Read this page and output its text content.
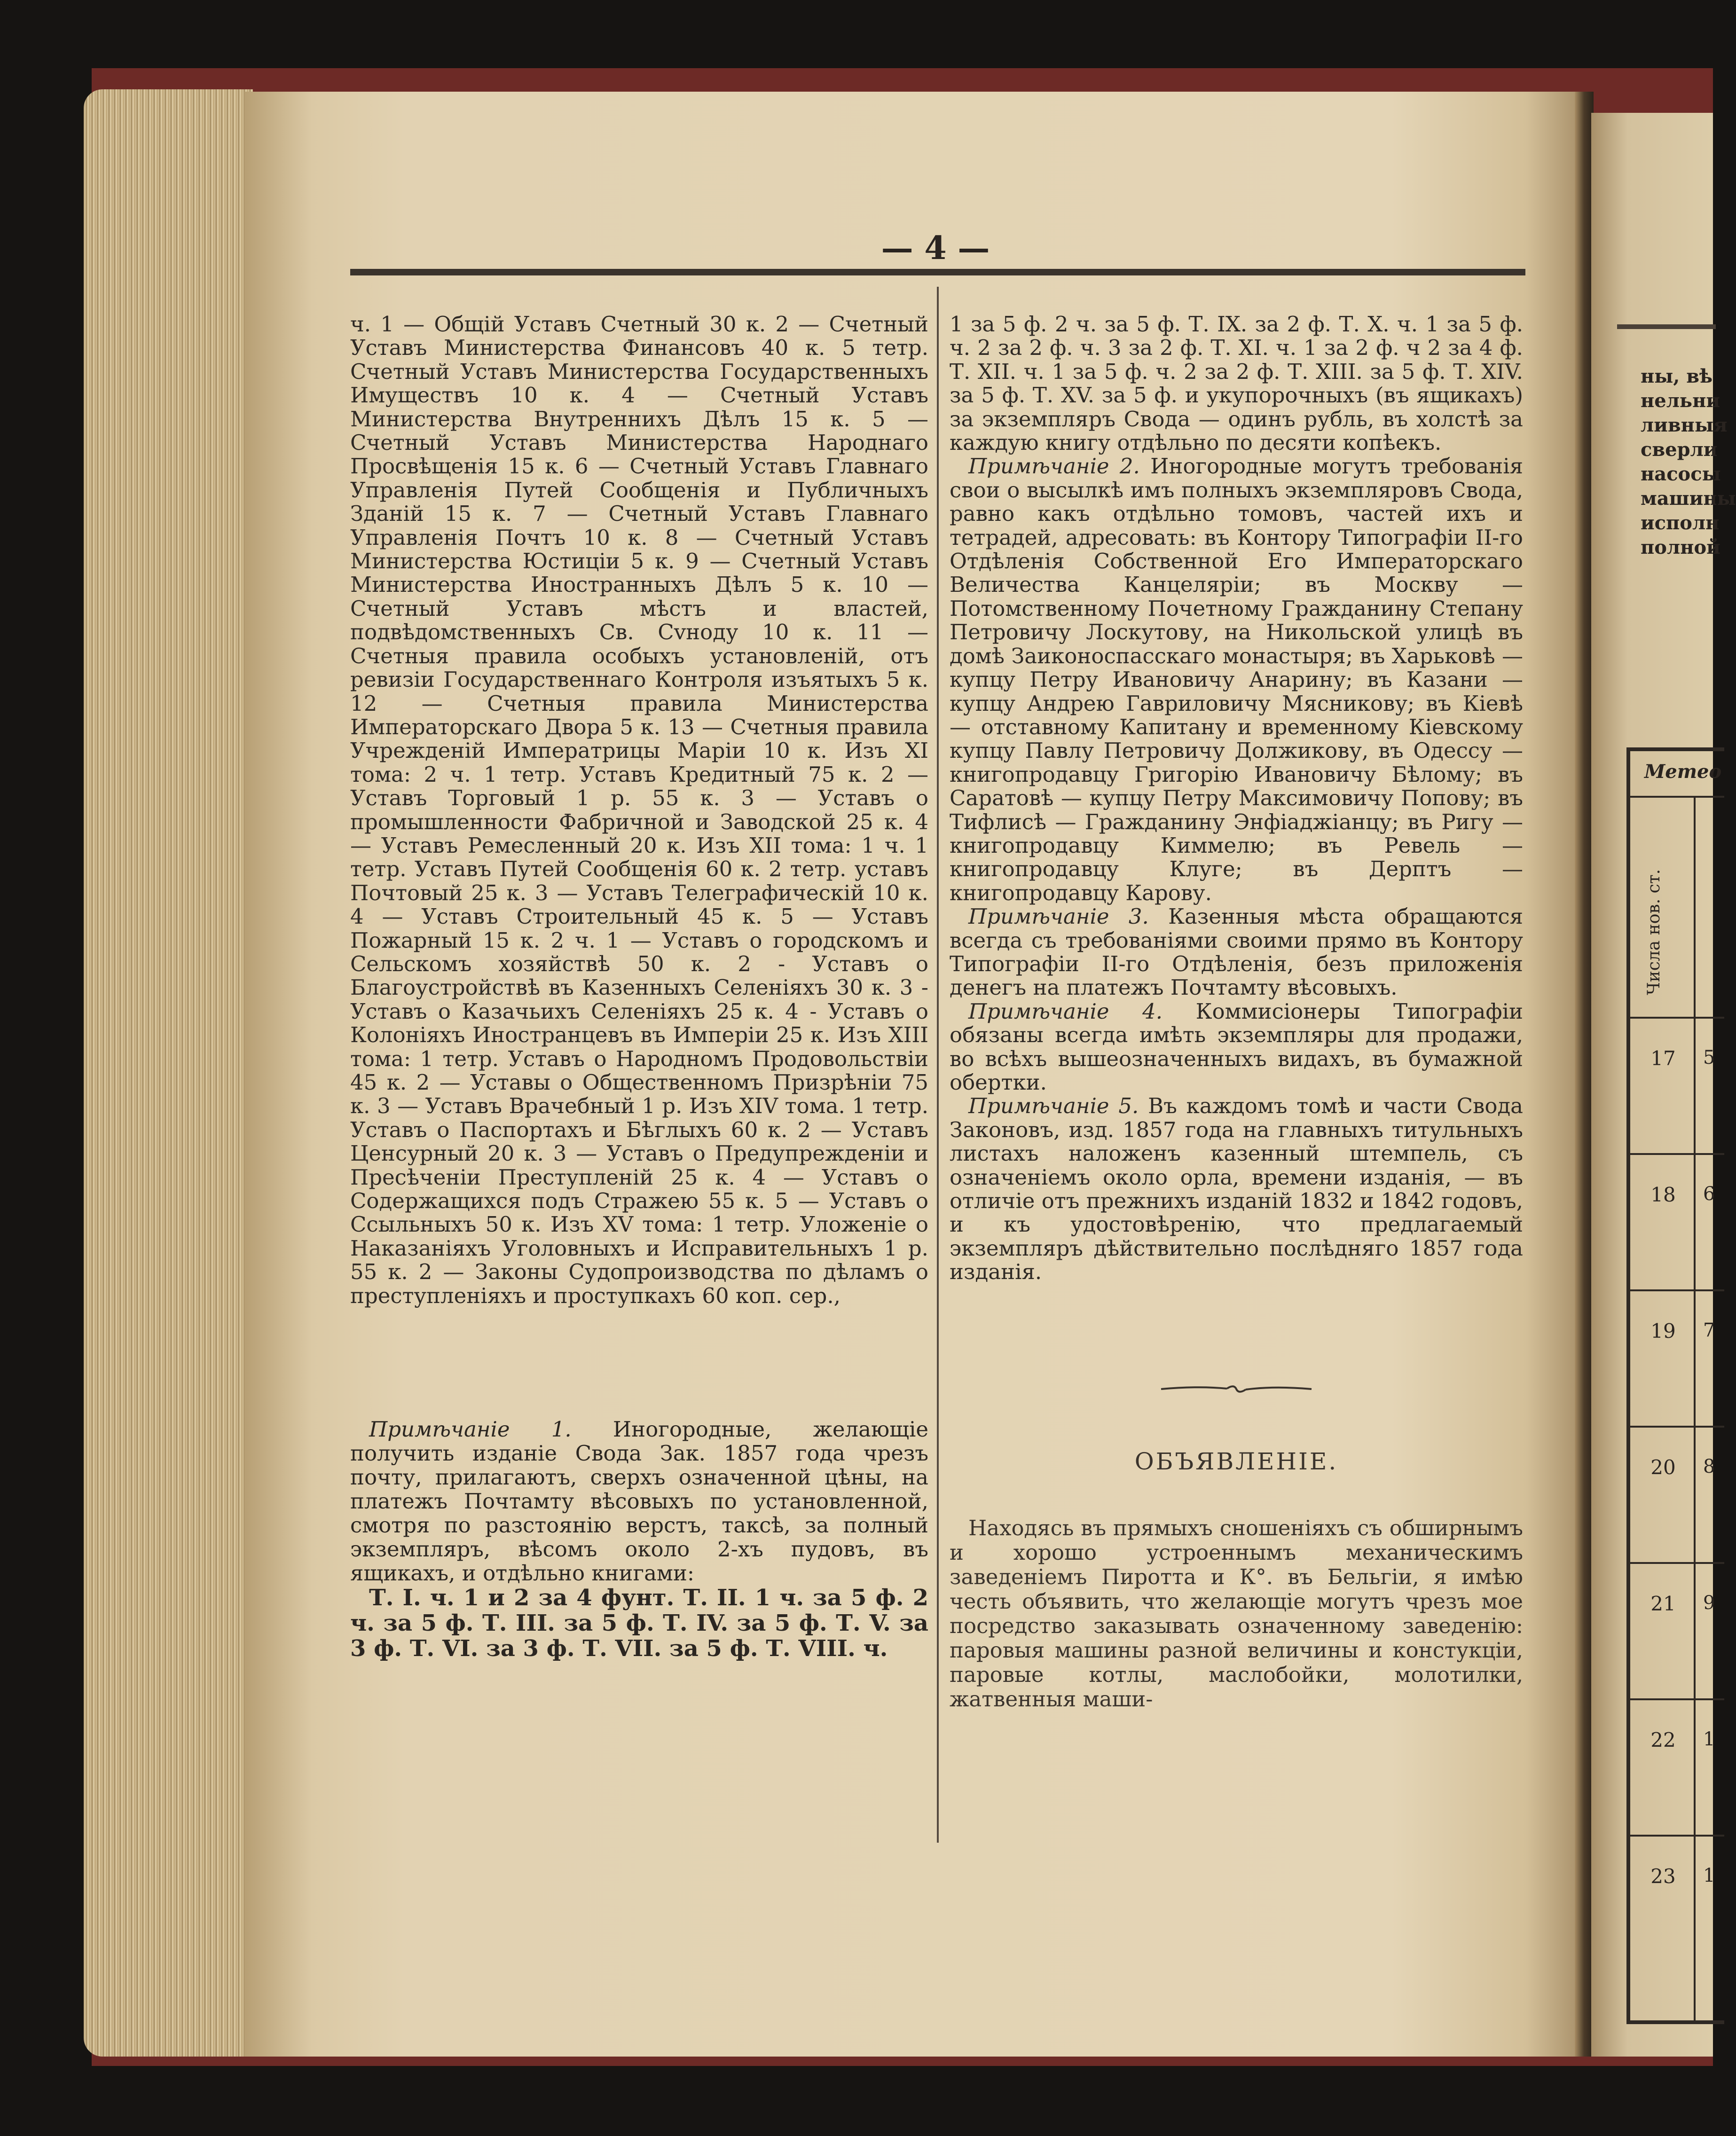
— 4 —

ч. 1 — Общій Уставъ Счетный 30 к. 2 — Счетный Уставъ Министерства Финансовъ 40 к. 5 тетр. Счетный Уставъ Министерства Государственныхъ Имуществъ 10 к. 4 — Счетный Уставъ Министерства Внутреннихъ Дѣлъ 15 к. 5 — Счетный Уставъ Министерства Народнаго Просвѣщенія 15 к. 6 — Счетный Уставъ Главнаго Управленія Путей Сообщенія и Публичныхъ Зданій 15 к. 7 — Счетный Уставъ Главнаго Управленія Почтъ 10 к. 8 — Счетный Уставъ Министерства Юстиціи 5 к. 9 — Счетный Уставъ Министерства Иностранныхъ Дѣлъ 5 к. 10 — Счетный Уставъ мѣстъ и властей, подвѣдомственныхъ Св. Сvноду 10 к. 11 — Счетныя правила особыхъ установленій, отъ ревизіи Государственнаго Контроля изъятыхъ 5 к. 12 — Счетныя правила Министерства Императорскаго Двора 5 к. 13 — Счетныя правила Учрежденій Императрицы Маріи 10 к. Изъ XI тома: 2 ч. 1 тетр. Уставъ Кредитный 75 к. 2 — Уставъ Торговый 1 р. 55 к. 3 — Уставъ о промышленности Фабричной и Заводской 25 к. 4 — Уставъ Ремесленный 20 к. Изъ XII тома: 1 ч. 1 тетр. Уставъ Путей Сообщенія 60 к. 2 тетр. уставъ Почтовый 25 к. 3 — Уставъ Телеграфическій 10 к. 4 — Уставъ Строительный 45 к. 5 — Уставъ Пожарный 15 к. 2 ч. 1 — Уставъ о городскомъ и Сельскомъ хозяйствѣ 50 к. 2 - Уставъ о Благоустройствѣ въ Казенныхъ Селеніяхъ 30 к. 3 - Уставъ о Казачьихъ Селеніяхъ 25 к. 4 - Уставъ о Колоніяхъ Иностранцевъ въ Имперіи 25 к. Изъ XIII тома: 1 тетр. Уставъ о Народномъ Продовольствіи 45 к. 2 — Уставы о Общественномъ Призрѣніи 75 к. 3 — Уставъ Врачебный 1 р. Изъ XIV тома. 1 тетр. Уставъ о Паспортахъ и Бѣглыхъ 60 к. 2 — Уставъ Ценсурный 20 к. 3 — Уставъ о Предупрежденіи и Пресѣченіи Преступленій 25 к. 4 — Уставъ о Содержащихся подъ Стражею 55 к. 5 — Уставъ о Ссыльныхъ 50 к. Изъ XV тома: 1 тетр. Уложеніе о Наказаніяхъ Уголовныхъ и Исправительныхъ 1 р. 55 к. 2 — Законы Судопроизводства по дѣламъ о преступленіяхъ и проступкахъ 60 коп. сер.,

Примѣчаніе 1. Иногородные, желающіе получить изданіе Свода Зак. 1857 года чрезъ почту, прилагаютъ, сверхъ означенной цѣны, на платежъ Почтамту вѣсовыхъ по установленной, смотря по разстоянію верстъ, таксѣ, за полный экземпляръ, вѣсомъ около 2-хъ пудовъ, въ ящикахъ, и отдѣльно книгами:

Т. I. ч. 1 и 2 за 4 фунт. Т. II. 1 ч. за 5 ф. 2 ч. за 5 ф. Т. III. за 5 ф. Т. IV. за 5 ф. Т. V. за 3 ф. Т. VI. за 3 ф. Т. VII. за 5 ф. Т. VIII. ч.

1 за 5 ф. 2 ч. за 5 ф. Т. IX. за 2 ф. Т. X. ч. 1 за 5 ф. ч. 2 за 2 ф. ч. 3 за 2 ф. Т. XI. ч. 1 за 2 ф. ч 2 за 4 ф. Т. XII. ч. 1 за 5 ф. ч. 2 за 2 ф. Т. XIII. за 5 ф. Т. XIV. за 5 ф. Т. XV. за 5 ф. и укупорочныхъ (въ ящикахъ) за экземпляръ Свода — одинъ рубль, въ холстѣ за каждую книгу отдѣльно по десяти копѣекъ.

Примѣчаніе 2. Иногородные могутъ требованія свои о высылкѣ имъ полныхъ экземпляровъ Свода, равно какъ отдѣльно томовъ, частей ихъ и тетрадей, адресовать: въ Контору Типографіи II-го Отдѣленія Собственной Его Императорскаго Величества Канцеляріи; въ Москву — Потомственному Почетному Гражданину Степану Петровичу Лоскутову, на Никольской улицѣ въ домѣ Заиконоспасскаго монастыря; въ Харьковѣ — купцу Петру Ивановичу Анарину; въ Казани — купцу Андрею Гавриловичу Мясникову; въ Кіевѣ — отставному Капитану и временному Кіевскому купцу Павлу Петровичу Должикову, въ Одессу — книгопродавцу Григорію Ивановичу Бѣлому; въ Саратовѣ — купцу Петру Максимовичу Попову; въ Тифлисѣ — Гражданину Энфіаджіанцу; въ Ригу — книгопродавцу Киммелю; въ Ревель — книгопродавцу Клуге; въ Дерптъ — книгопродавцу Карову.

Примѣчаніе 3. Казенныя мѣста обращаются всегда съ требованіями своими прямо въ Контору Типографіи II-го Отдѣленія, безъ приложенія денегъ на платежъ Почтамту вѣсовыхъ.

Примѣчаніе 4. Коммисіонеры Типографіи обязаны всегда имѣть экземпляры для продажи, во всѣхъ вышеозначенныхъ видахъ, въ бумажной обертки.

Примѣчаніе 5. Въ каждомъ томѣ и части Свода Законовъ, изд. 1857 года на главныхъ титульныхъ листахъ наложенъ казенный штемпель, съ означеніемъ около орла, времени изданія, — въ отличіе отъ прежнихъ изданій 1832 и 1842 годовъ, и къ удостовѣренію, что предлагаемый экземпляръ дѣйствительно послѣдняго 1857 года изданія.

ОБЪЯВЛЕНІЕ.

Находясь въ прямыхъ сношеніяхъ съ обширнымъ и хорошо устроеннымъ механическимъ заведеніемъ Пиротта и К°. въ Бельгіи, я имѣю честь объявить, что желающіе могутъ чрезъ мое посредство заказывать означенному заведенію: паровыя машины разной величины и констукціи, паровые котлы, маслобойки, молотилки, жатвенныя маши-

ны, вѣ
нельни
ливныя
сверли
насосы
машины
исполн
полной
Метео
Числа нов. ст.
17	5
18	6
19	7
20	8
21	9
22	1
23	1
